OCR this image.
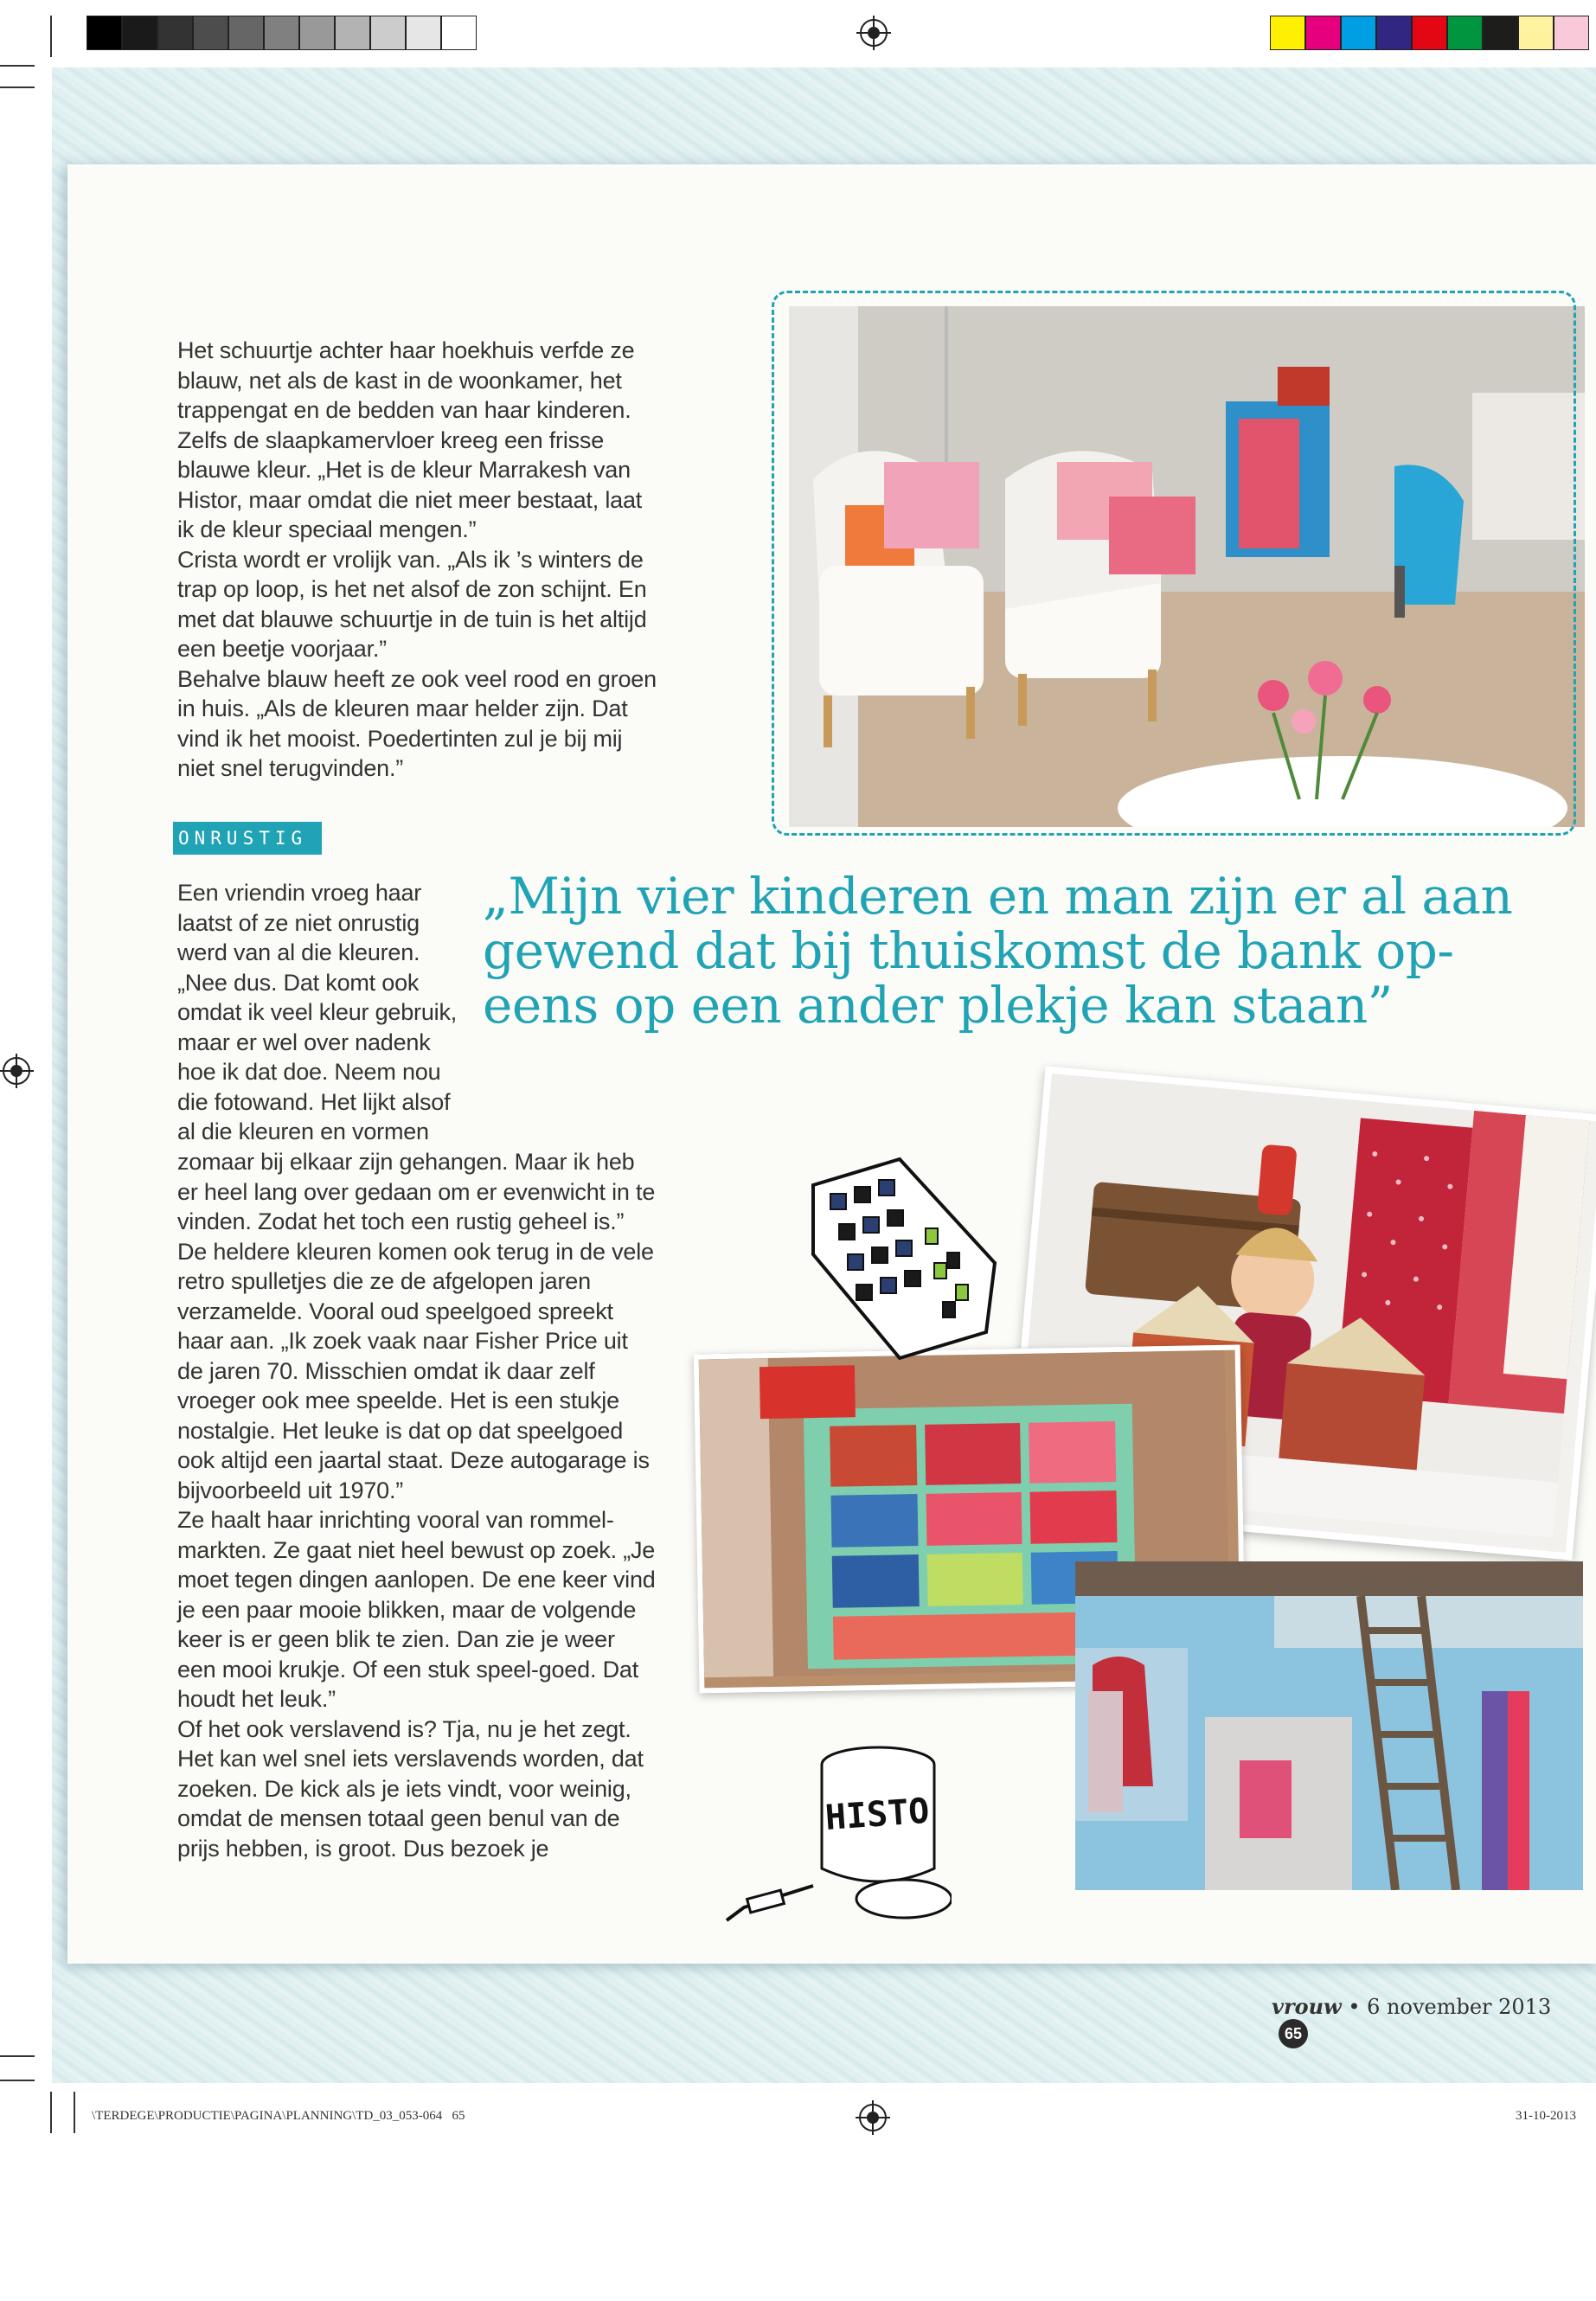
Het schuurtje achter haar hoekhuis verfde ze blauw, net als de kast in de woonkamer, het trappengat en de bedden van haar kinderen. Zelfs de slaapkamervloer kreeg een frisse blauwe kleur. „Het is de kleur Marrakesh van Histor, maar omdat die niet meer bestaat, laat ik de kleur speciaal mengen.”

Crista wordt er vrolijk van. „Als ik ’s winters de trap op loop, is het net alsof de zon schijnt. En met dat blauwe schuurtje in de tuin is het altijd een beetje voorjaar.”

Behalve blauw heeft ze ook veel rood en groen in huis. „Als de kleuren maar helder zijn. Dat vind ik het mooist. Poedertinten zul je bij mij niet snel terugvinden.”

ONRUSTIG

Een vriendin vroeg haar

laatst of ze niet onrustig

werd van al die kleuren.

„Nee dus. Dat komt ook

omdat ik veel kleur gebruik,

maar er wel over nadenk

hoe ik dat doe. Neem nou

die fotowand. Het lijkt alsof

al die kleuren en vormen

zomaar bij elkaar zijn gehangen. Maar ik heb er heel lang over gedaan om er evenwicht in te vinden. Zodat het toch een rustig geheel is.”

De heldere kleuren komen ook terug in de vele retro spulletjes die ze de afgelopen jaren verzamelde. Vooral oud speelgoed spreekt haar aan. „Ik zoek vaak naar Fisher Price uit de jaren 70. Misschien omdat ik daar zelf vroeger ook mee speelde. Het is een stukje nostalgie. Het leuke is dat op dat speelgoed ook altijd een jaartal staat. Deze autogarage is bijvoorbeeld uit 1970.”

Ze haalt haar inrichting vooral van rommel-markten. Ze gaat niet heel bewust op zoek. „Je moet tegen dingen aanlopen. De ene keer vind je een paar mooie blikken, maar de volgende keer is er geen blik te zien. Dan zie je weer een mooi krukje. Of een stuk speel-goed. Dat houdt het leuk.”

Of het ook verslavend is? Tja, nu je het zegt. Het kan wel snel iets verslavends worden, dat zoeken. De kick als je iets vindt, voor weinig, omdat de mensen totaal geen benul van de prijs hebben, is groot. Dus bezoek je

„Mijn vier kinderen en man zijn er al aan gewend dat bij thuiskomst de bank op-eens op een ander plekje kan staan”
HISTO
vrouw • 6 november 2013 65
\TERDEGE\PRODUCTIE\PAGINA\PLANNING\TD_03_053-064 65	31-10-2013
